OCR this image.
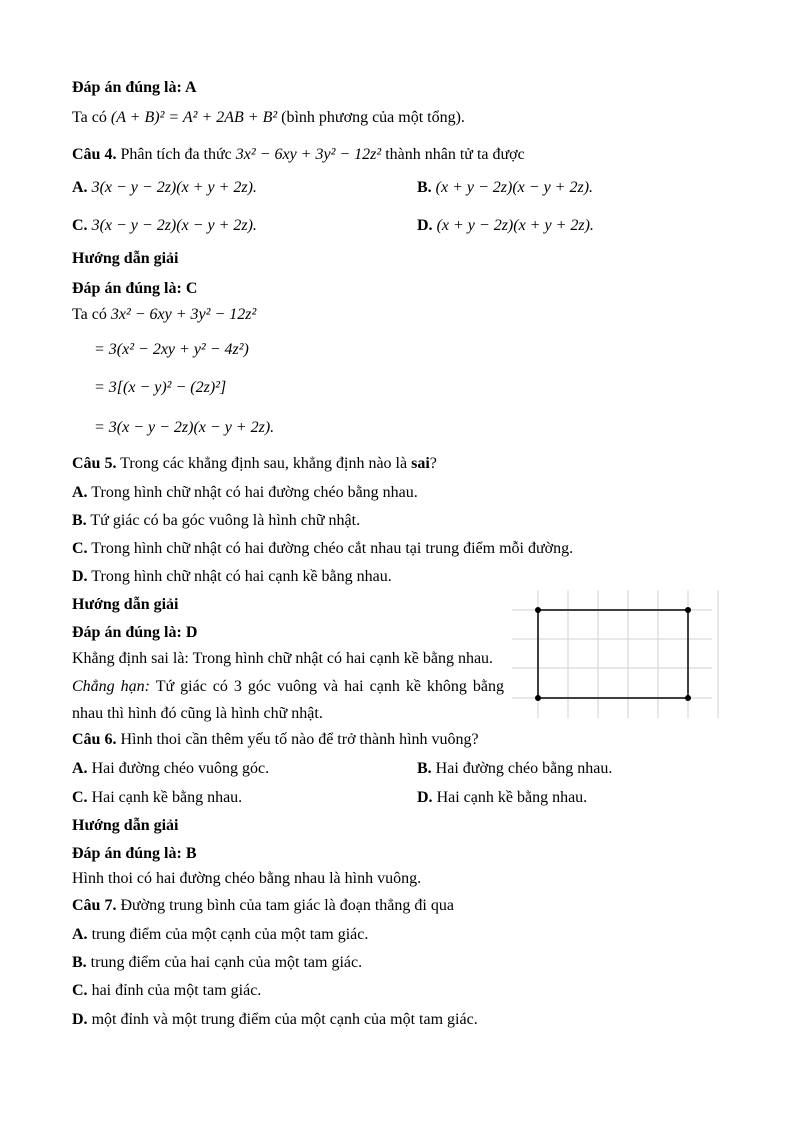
Đáp án đúng là: A
Ta có (A + B)² = A² + 2AB + B² (bình phương của một tổng).
Câu 4. Phân tích đa thức 3x² − 6xy + 3y² − 12z² thành nhân tử ta được
A. 3(x − y − 2z)(x + y + 2z).	B. (x + y − 2z)(x − y + 2z).
C. 3(x − y − 2z)(x − y + 2z).	D. (x + y − 2z)(x + y + 2z).
Hướng dẫn giải
Đáp án đúng là: C
Ta có 3x² − 6xy + 3y² − 12z²
= 3(x² − 2xy + y² − 4z²)
= 3[(x − y)² − (2z)²]
= 3(x − y − 2z)(x − y + 2z).
Câu 5. Trong các khẳng định sau, khẳng định nào là sai?
A. Trong hình chữ nhật có hai đường chéo bằng nhau.
B. Tứ giác có ba góc vuông là hình chữ nhật.
C. Trong hình chữ nhật có hai đường chéo cắt nhau tại trung điểm mỗi đường.
D. Trong hình chữ nhật có hai cạnh kề bằng nhau.
Hướng dẫn giải
Đáp án đúng là: D
Khẳng định sai là: Trong hình chữ nhật có hai cạnh kề bằng nhau.
Chẳng hạn: Tứ giác có 3 góc vuông và hai cạnh kề không bằng nhau thì hình đó cũng là hình chữ nhật.
Câu 6. Hình thoi cần thêm yếu tố nào để trở thành hình vuông?
A. Hai đường chéo vuông góc.	B. Hai đường chéo bằng nhau.
C. Hai cạnh kề bằng nhau.	D. Hai cạnh kề bằng nhau.
Hướng dẫn giải
Đáp án đúng là: B
Hình thoi có hai đường chéo bằng nhau là hình vuông.
Câu 7. Đường trung bình của tam giác là đoạn thẳng đi qua
A. trung điểm của một cạnh của một tam giác.
B. trung điểm của hai cạnh của một tam giác.
C. hai đỉnh của một tam giác.
D. một đỉnh và một trung điểm của một cạnh của một tam giác.
